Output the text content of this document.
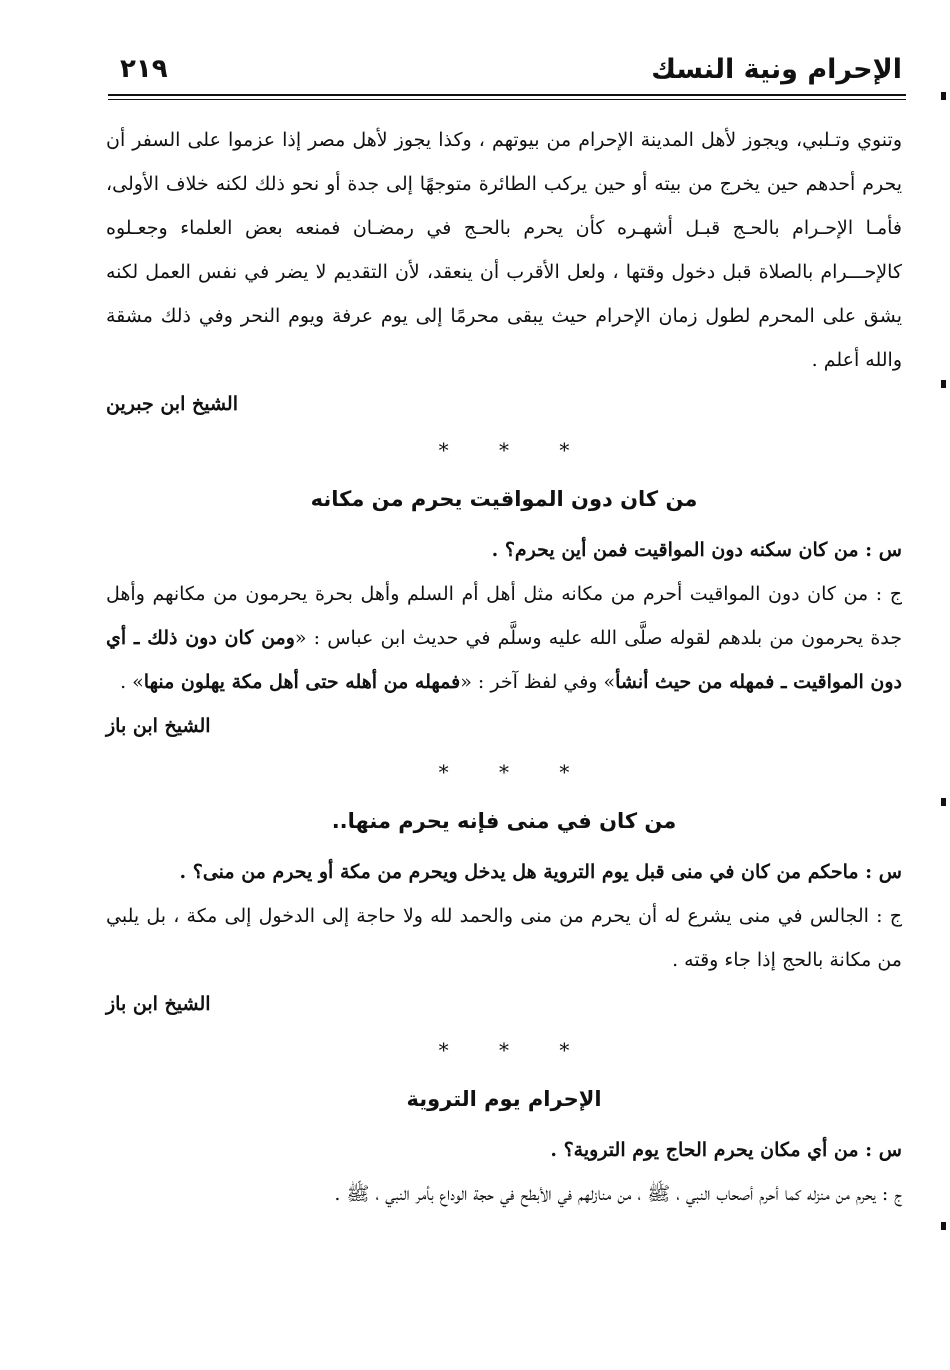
الإحرام ونية النسك
٢١٩

وتنوي وتـلبي، ويجوز لأهل المدينة الإحرام من بيوتهم ، وكذا يجوز لأهل مصر إذا عزموا على السفر أن يحرم أحدهم حين يخرج من بيته أو حين يركب الطائرة متوجهًا إلى جدة أو نحو ذلك لكنه خلاف الأولى، فأمـا الإحـرام بالحـج قبـل أشهـره كأن يحرم بالحـج في رمضـان فمنعه بعض العلماء وجعـلوه كالإحـــرام بالصلاة قبل دخول وقتها ، ولعل الأقرب أن ينعقد، لأن التقديم لا يضر في نفس العمل لكنه يشق على المحرم لطول زمان الإحرام حيث يبقى محرمًا إلى يوم عرفة ويوم النحر وفي ذلك مشقة والله أعلم .

الشيخ ابن جبرين
* * *
من كان دون المواقيت يحرم من مكانه

س : من كان سكنه دون المواقيت فمن أين يحرم؟ .

ج : من كان دون المواقيت أحرم من مكانه مثل أهل أم السلم وأهل بحرة يحرمون من مكانهم وأهل جدة يحرمون من بلدهم لقوله صلَّى الله عليه وسلَّم في حديث ابن عباس : «ومن كان دون ذلك ـ أي دون المواقيت ـ فمهله من حيث أنشأ» وفي لفظ آخر : «فمهله من أهله حتى أهل مكة يهلون منها» .

الشيخ ابن باز
* * *
من كان في منى فإنه يحرم منها..

س : ماحكم من كان في منى قبل يوم التروية هل يدخل ويحرم من مكة أو يحرم من منى؟ .

ج : الجالس في منى يشرع له أن يحرم من منى والحمد لله ولا حاجة إلى الدخول إلى مكة ، بل يلبي من مكانة بالحج إذا جاء وقته .

الشيخ ابن باز
* * *
الإحرام يوم التروية

س : من أي مكان يحرم الحاج يوم التروية؟ .

ج : يحرم من منزله كما أحرم أصحاب النبي ، ﷺ ، من منازلهم في الأبطح في حجة الوداع بأمر النبي ، ﷺ .
